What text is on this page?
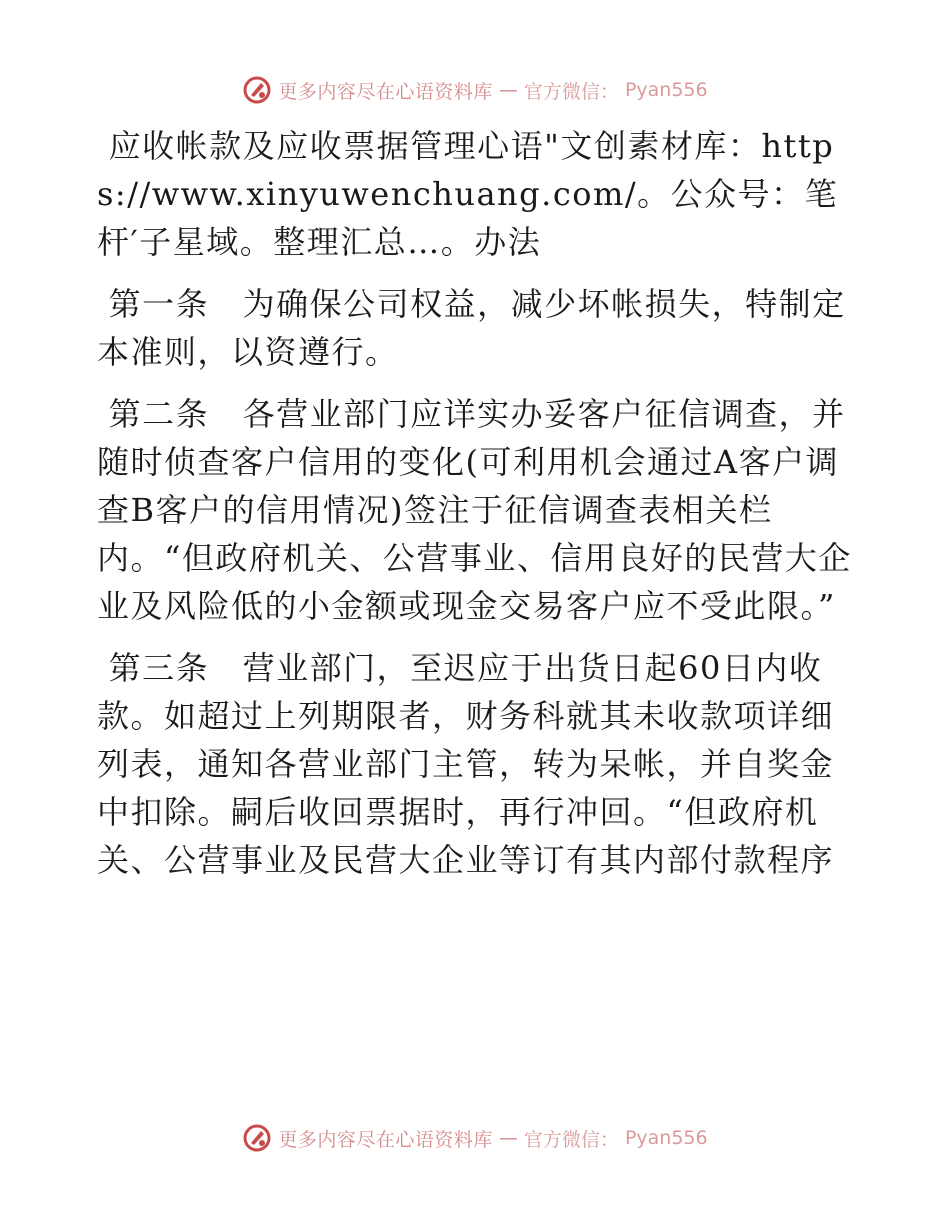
更多内容尽在心语资料库 — 官方微信： Pyan556

应收帐款及应收票据管理心语"文创素材库：https://www.xinyuwenchuang.com/。公众号：笔杆′子星域。整理汇总…。办法

第一条　为确保公司权益，减少坏帐损失，特制定本准则，以资遵行。

第二条　各营业部门应详实办妥客户征信调查，并随时侦查客户信用的变化(可利用机会通过A客户调查B客户的信用情况)签注于征信调查表相关栏内。“但政府机关、公营事业、信用良好的民营大企业及风险低的小金额或现金交易客户应不受此限。”

第三条　营业部门，至迟应于出货日起60日内收款。如超过上列期限者，财务科就其未收款项详细列表，通知各营业部门主管，转为呆帐，并自奖金中扣除。嗣后收回票据时，再行冲回。“但政府机关、公营事业及民营大企业等订有其内部付款程序

更多内容尽在心语资料库 — 官方微信： Pyan556
